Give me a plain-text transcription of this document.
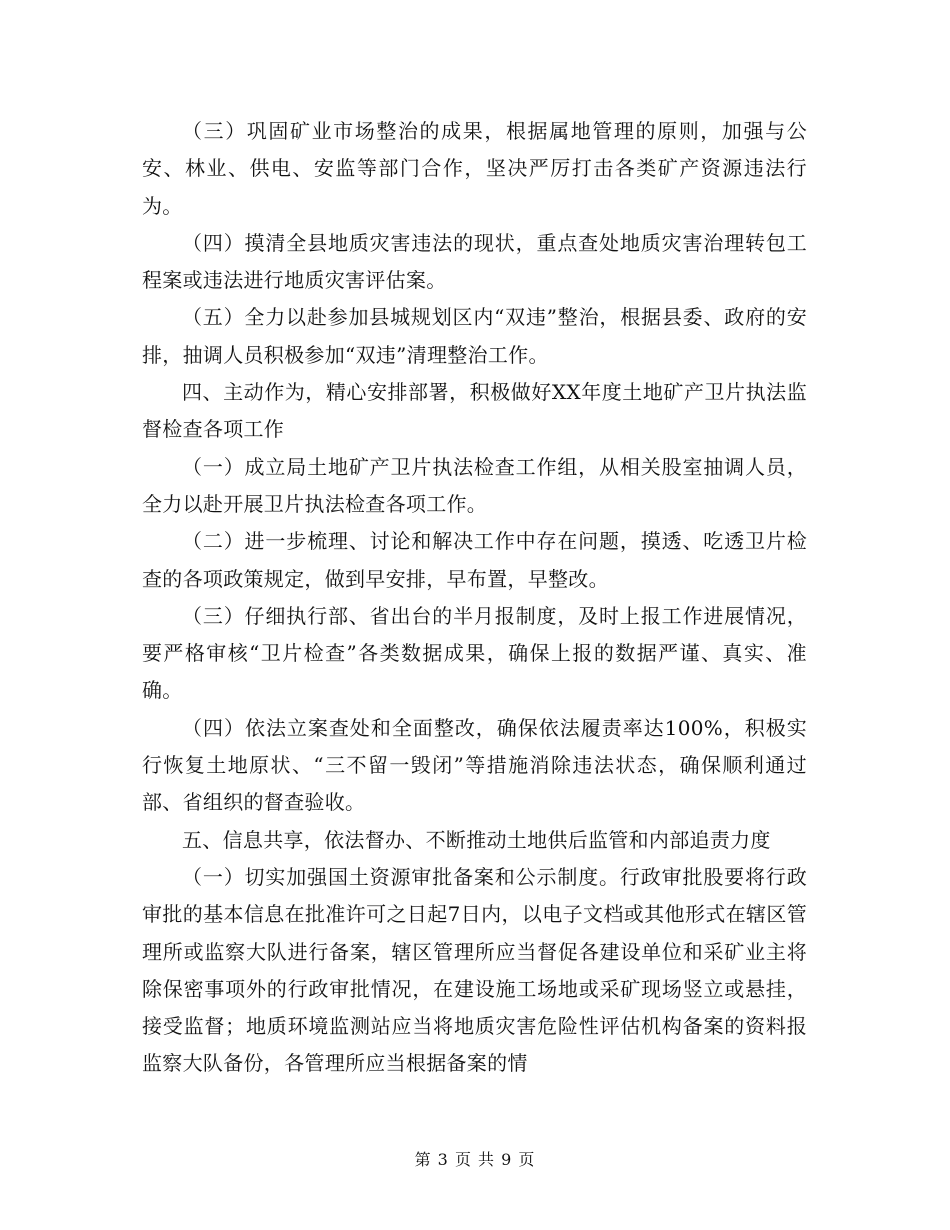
（三）巩固矿业市场整治的成果，根据属地管理的原则，加强与公安、林业、供电、安监等部门合作，坚决严厉打击各类矿产资源违法行为。

（四）摸清全县地质灾害违法的现状，重点查处地质灾害治理转包工程案或违法进行地质灾害评估案。

（五）全力以赴参加县城规划区内“双违”整治，根据县委、政府的安排，抽调人员积极参加“双违”清理整治工作。

四、主动作为，精心安排部署，积极做好XX年度土地矿产卫片执法监督检查各项工作

（一）成立局土地矿产卫片执法检查工作组，从相关股室抽调人员，全力以赴开展卫片执法检查各项工作。

（二）进一步梳理、讨论和解决工作中存在问题，摸透、吃透卫片检查的各项政策规定，做到早安排，早布置，早整改。

（三）仔细执行部、省出台的半月报制度，及时上报工作进展情况，要严格审核“卫片检查”各类数据成果，确保上报的数据严谨、真实、准确。

（四）依法立案查处和全面整改，确保依法履责率达100%，积极实行恢复土地原状、“三不留一毁闭”等措施消除违法状态，确保顺利通过部、省组织的督查验收。

五、信息共享，依法督办、不断推动土地供后监管和内部追责力度

（一）切实加强国土资源审批备案和公示制度。行政审批股要将行政审批的基本信息在批准许可之日起7日内，以电子文档或其他形式在辖区管理所或监察大队进行备案，辖区管理所应当督促各建设单位和采矿业主将除保密事项外的行政审批情况，在建设施工场地或采矿现场竖立或悬挂，接受监督；地质环境监测站应当将地质灾害危险性评估机构备案的资料报监察大队备份，各管理所应当根据备案的情

第 3 页 共 9 页
